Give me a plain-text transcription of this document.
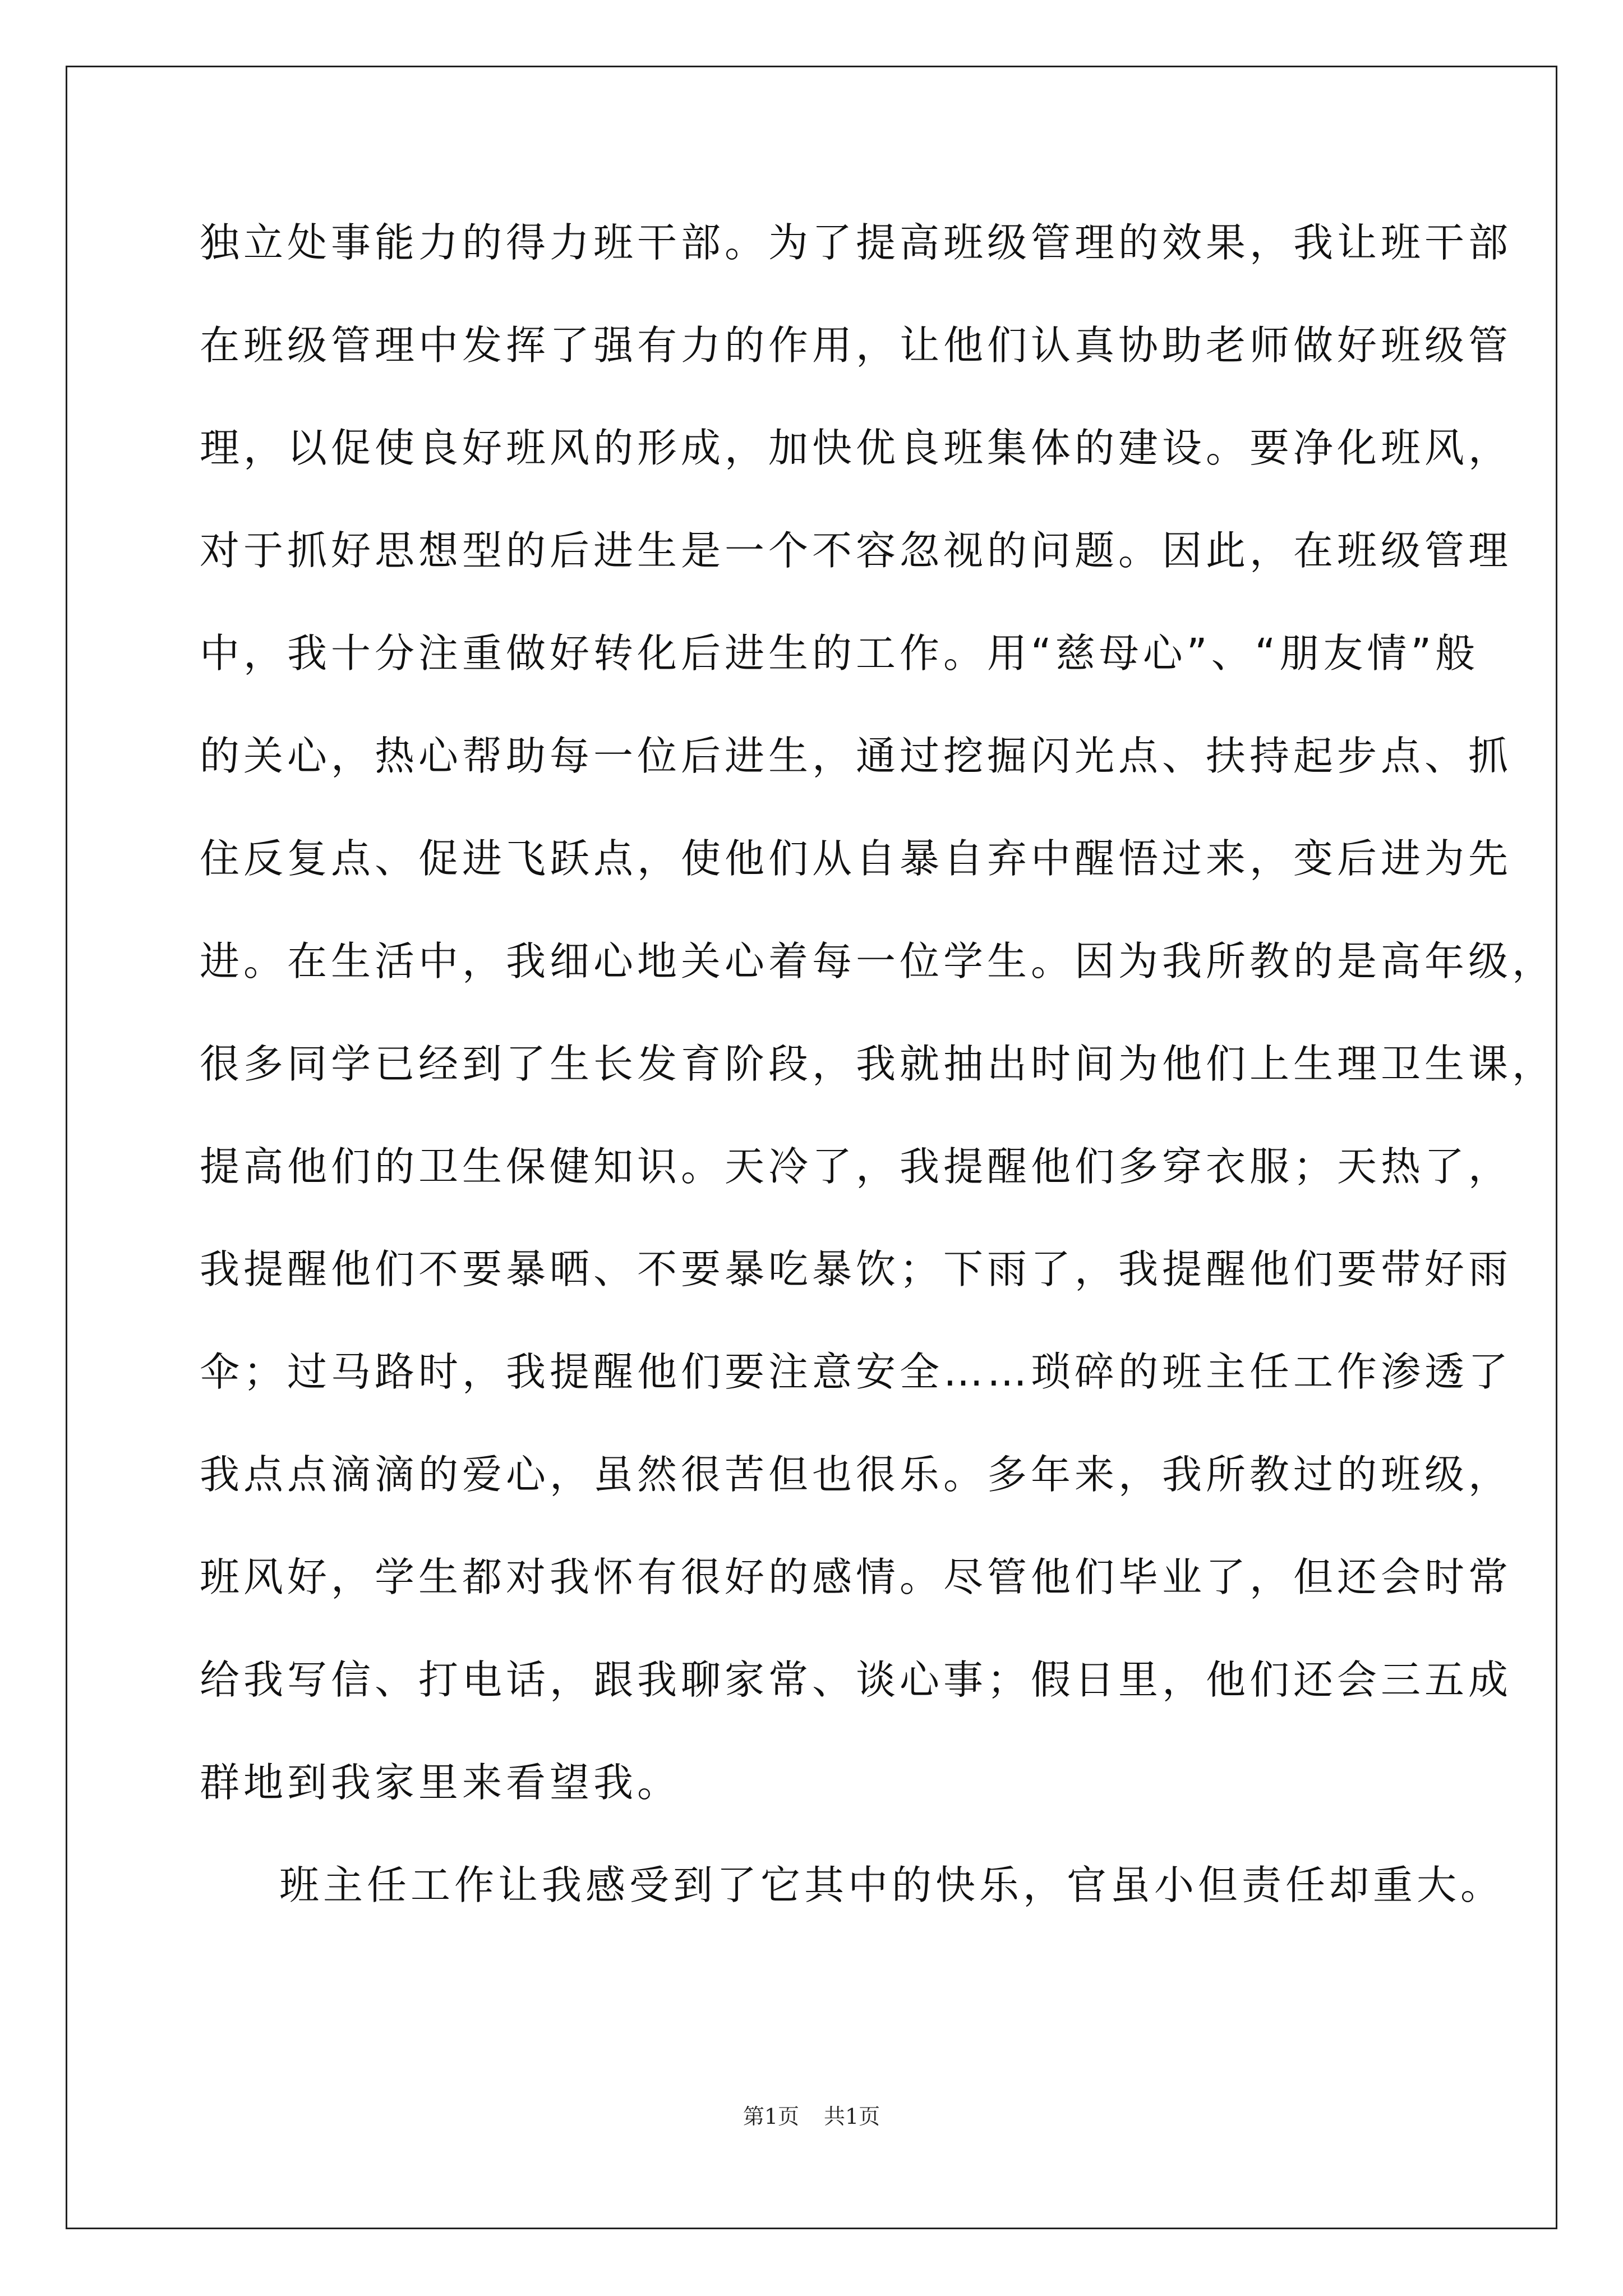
独立处事能力的得力班干部。为了提高班级管理的效果，我让班干部
在班级管理中发挥了强有力的作用，让他们认真协助老师做好班级管
理，以促使良好班风的形成，加快优良班集体的建设。要净化班风，
对于抓好思想型的后进生是一个不容忽视的问题。因此，在班级管理
中，我十分注重做好转化后进生的工作。用“慈母心”、“朋友情”般
的关心，热心帮助每一位后进生，通过挖掘闪光点、扶持起步点、抓
住反复点、促进飞跃点，使他们从自暴自弃中醒悟过来，变后进为先
进。在生活中，我细心地关心着每一位学生。因为我所教的是高年级，
很多同学已经到了生长发育阶段，我就抽出时间为他们上生理卫生课，
提高他们的卫生保健知识。天冷了，我提醒他们多穿衣服；天热了，
我提醒他们不要暴晒、不要暴吃暴饮；下雨了，我提醒他们要带好雨
伞；过马路时，我提醒他们要注意安全……琐碎的班主任工作渗透了
我点点滴滴的爱心，虽然很苦但也很乐。多年来，我所教过的班级，
班风好，学生都对我怀有很好的感情。尽管他们毕业了，但还会时常
给我写信、打电话，跟我聊家常、谈心事；假日里，他们还会三五成
群地到我家里来看望我。
班主任工作让我感受到了它其中的快乐，官虽小但责任却重大。
第1页 共1页
